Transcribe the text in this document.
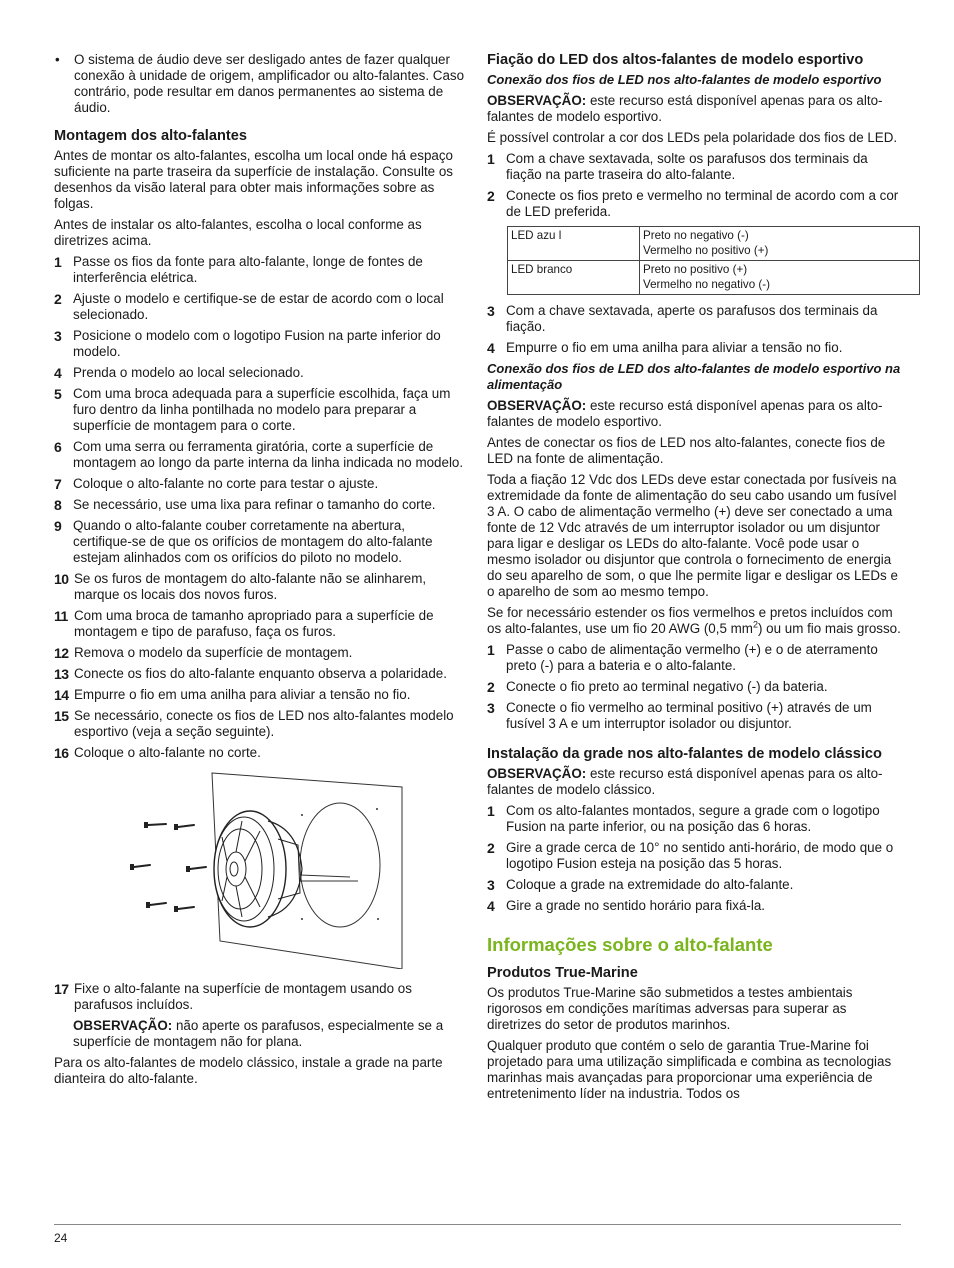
• O sistema de áudio deve ser desligado antes de fazer qualquer conexão à unidade de origem, amplificador ou alto-falantes. Caso contrário, pode resultar em danos permanentes ao sistema de áudio.
Montagem dos alto-falantes

Antes de montar os alto-falantes, escolha um local onde há espaço suficiente na parte traseira da superfície de instalação. Consulte os desenhos da visão lateral para obter mais informações sobre as folgas.

Antes de instalar os alto-falantes, escolha o local conforme as diretrizes acima.

1 Passe os fios da fonte para alto-falante, longe de fontes de interferência elétrica.
2 Ajuste o modelo e certifique-se de estar de acordo com o local selecionado.
3 Posicione o modelo com o logotipo Fusion na parte inferior do modelo.
4 Prenda o modelo ao local selecionado.
5 Com uma broca adequada para a superfície escolhida, faça um furo dentro da linha pontilhada no modelo para preparar a superfície de montagem para o corte.
6 Com uma serra ou ferramenta giratória, corte a superfície de montagem ao longo da parte interna da linha indicada no modelo.
7 Coloque o alto-falante no corte para testar o ajuste.
8 Se necessário, use uma lixa para refinar o tamanho do corte.
9 Quando o alto-falante couber corretamente na abertura, certifique-se de que os orifícios de montagem do alto-falante estejam alinhados com os orifícios do piloto no modelo.
10 Se os furos de montagem do alto-falante não se alinharem, marque os locais dos novos furos.
11 Com uma broca de tamanho apropriado para a superfície de montagem e tipo de parafuso, faça os furos.
12 Remova o modelo da superfície de montagem.
13 Conecte os fios do alto-falante enquanto observa a polaridade.
14 Empurre o fio em uma anilha para aliviar a tensão no fio.
15 Se necessário, conecte os fios de LED nos alto-falantes modelo esportivo (veja a seção seguinte).
16 Coloque o alto-falante no corte.
17 Fixe o alto-falante na superfície de montagem usando os parafusos incluídos.

OBSERVAÇÃO: não aperte os parafusos, especialmente se a superfície de montagem não for plana.

Para os alto-falantes de modelo clássico, instale a grade na parte dianteira do alto-falante.

Fiação do LED dos altos-falantes de modelo esportivo
Conexão dos fios de LED nos alto-falantes de modelo esportivo

OBSERVAÇÃO: este recurso está disponível apenas para os alto-falantes de modelo esportivo.

É possível controlar a cor dos LEDs pela polaridade dos fios de LED.

1 Com a chave sextavada, solte os parafusos dos terminais da fiação na parte traseira do alto-falante.
2 Conecte os fios preto e vermelho no terminal de acordo com a cor de LED preferida.
LED azu l	Preto no negativo (-)
Vermelho no positivo (+)

LED branco	Preto no positivo (+)
Vermelho no negativo (-)
3 Com a chave sextavada, aperte os parafusos dos terminais da fiação.
4 Empurre o fio em uma anilha para aliviar a tensão no fio.
Conexão dos fios de LED dos alto-falantes de modelo esportivo na alimentação

OBSERVAÇÃO: este recurso está disponível apenas para os alto-falantes de modelo esportivo.

Antes de conectar os fios de LED nos alto-falantes, conecte fios de LED na fonte de alimentação.

Toda a fiação 12 Vdc dos LEDs deve estar conectada por fusíveis na extremidade da fonte de alimentação do seu cabo usando um fusível 3 A. O cabo de alimentação vermelho (+) deve ser conectado a uma fonte de 12 Vdc através de um interruptor isolador ou um disjuntor para ligar e desligar os LEDs do alto-falante. Você pode usar o mesmo isolador ou disjuntor que controla o fornecimento de energia do seu aparelho de som, o que lhe permite ligar e desligar os LEDs e o aparelho de som ao mesmo tempo.

Se for necessário estender os fios vermelhos e pretos incluídos com os alto-falantes, use um fio 20 AWG (0,5 $mm^2$) ou um fio mais grosso.

1 Passe o cabo de alimentação vermelho (+) e o de aterramento preto (-) para a bateria e o alto-falante.
2 Conecte o fio preto ao terminal negativo (-) da bateria.
3 Conecte o fio vermelho ao terminal positivo (+) através de um fusível 3 A e um interruptor isolador ou disjuntor.
Instalação da grade nos alto-falantes de modelo clássico

OBSERVAÇÃO: este recurso está disponível apenas para os alto-falantes de modelo clássico.

1 Com os alto-falantes montados, segure a grade com o logotipo Fusion na parte inferior, ou na posição das 6 horas.
2 Gire a grade cerca de 10° no sentido anti-horário, de modo que o logotipo Fusion esteja na posição das 5 horas.
3 Coloque a grade na extremidade do alto-falante.
4 Gire a grade no sentido horário para fixá-la.
Informações sobre o alto-falante
Produtos True-Marine

Os produtos True-Marine são submetidos a testes ambientais rigorosos em condições marítimas adversas para superar as diretrizes do setor de produtos marinhos.

Qualquer produto que contém o selo de garantia True-Marine foi projetado para uma utilização simplificada e combina as tecnologias marinhas mais avançadas para proporcionar uma experiência de entretenimento líder na industria. Todos os

24
